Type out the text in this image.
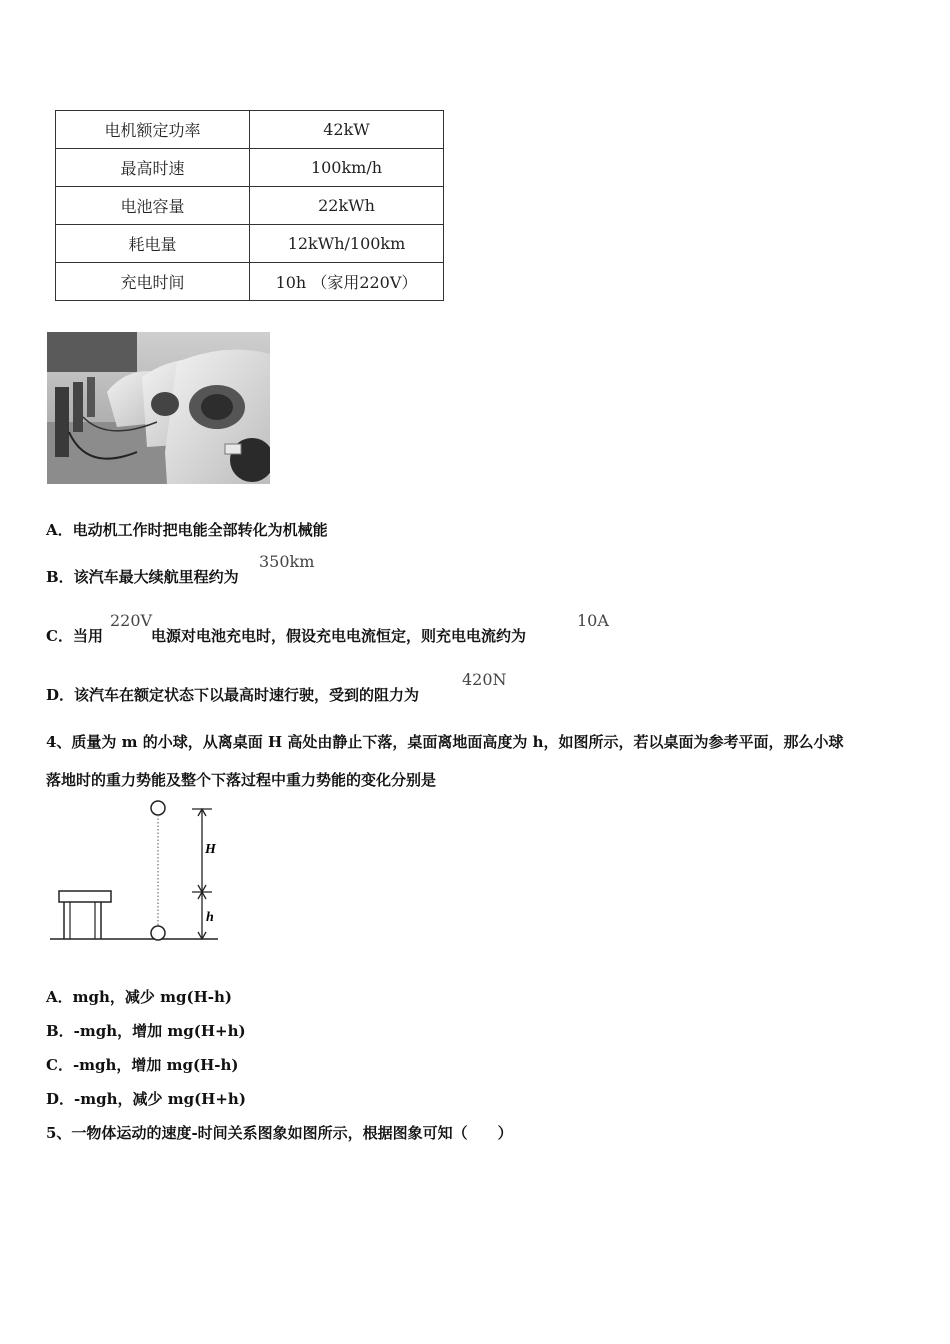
电机额定功率	42kW
最高时速	100km/h
电池容量	22kWh
耗电量	12kWh/100km
充电时间	10h （家用220V）
A．电动机工作时把电能全部转化为机械能
B．该汽车最大续航里程约为
350km
C．当用	电源对电池充电时，假设充电电流恒定，则充电电流约为
220V	10A
D．该汽车在额定状态下以最高时速行驶，受到的阻力为
420N
4、质量为 m 的小球，从离桌面 H 高处由静止下落，桌面离地面高度为 h，如图所示，若以桌面为参考平面，那么小球
落地时的重力势能及整个下落过程中重力势能的变化分别是
H
h
A．mgh，减少 mg(H-h)
B．-mgh，增加 mg(H+h)
C．-mgh，增加 mg(H-h)
D．-mgh，减少 mg(H+h)
5、一物体运动的速度-时间关系图象如图所示，根据图象可知（　　）
